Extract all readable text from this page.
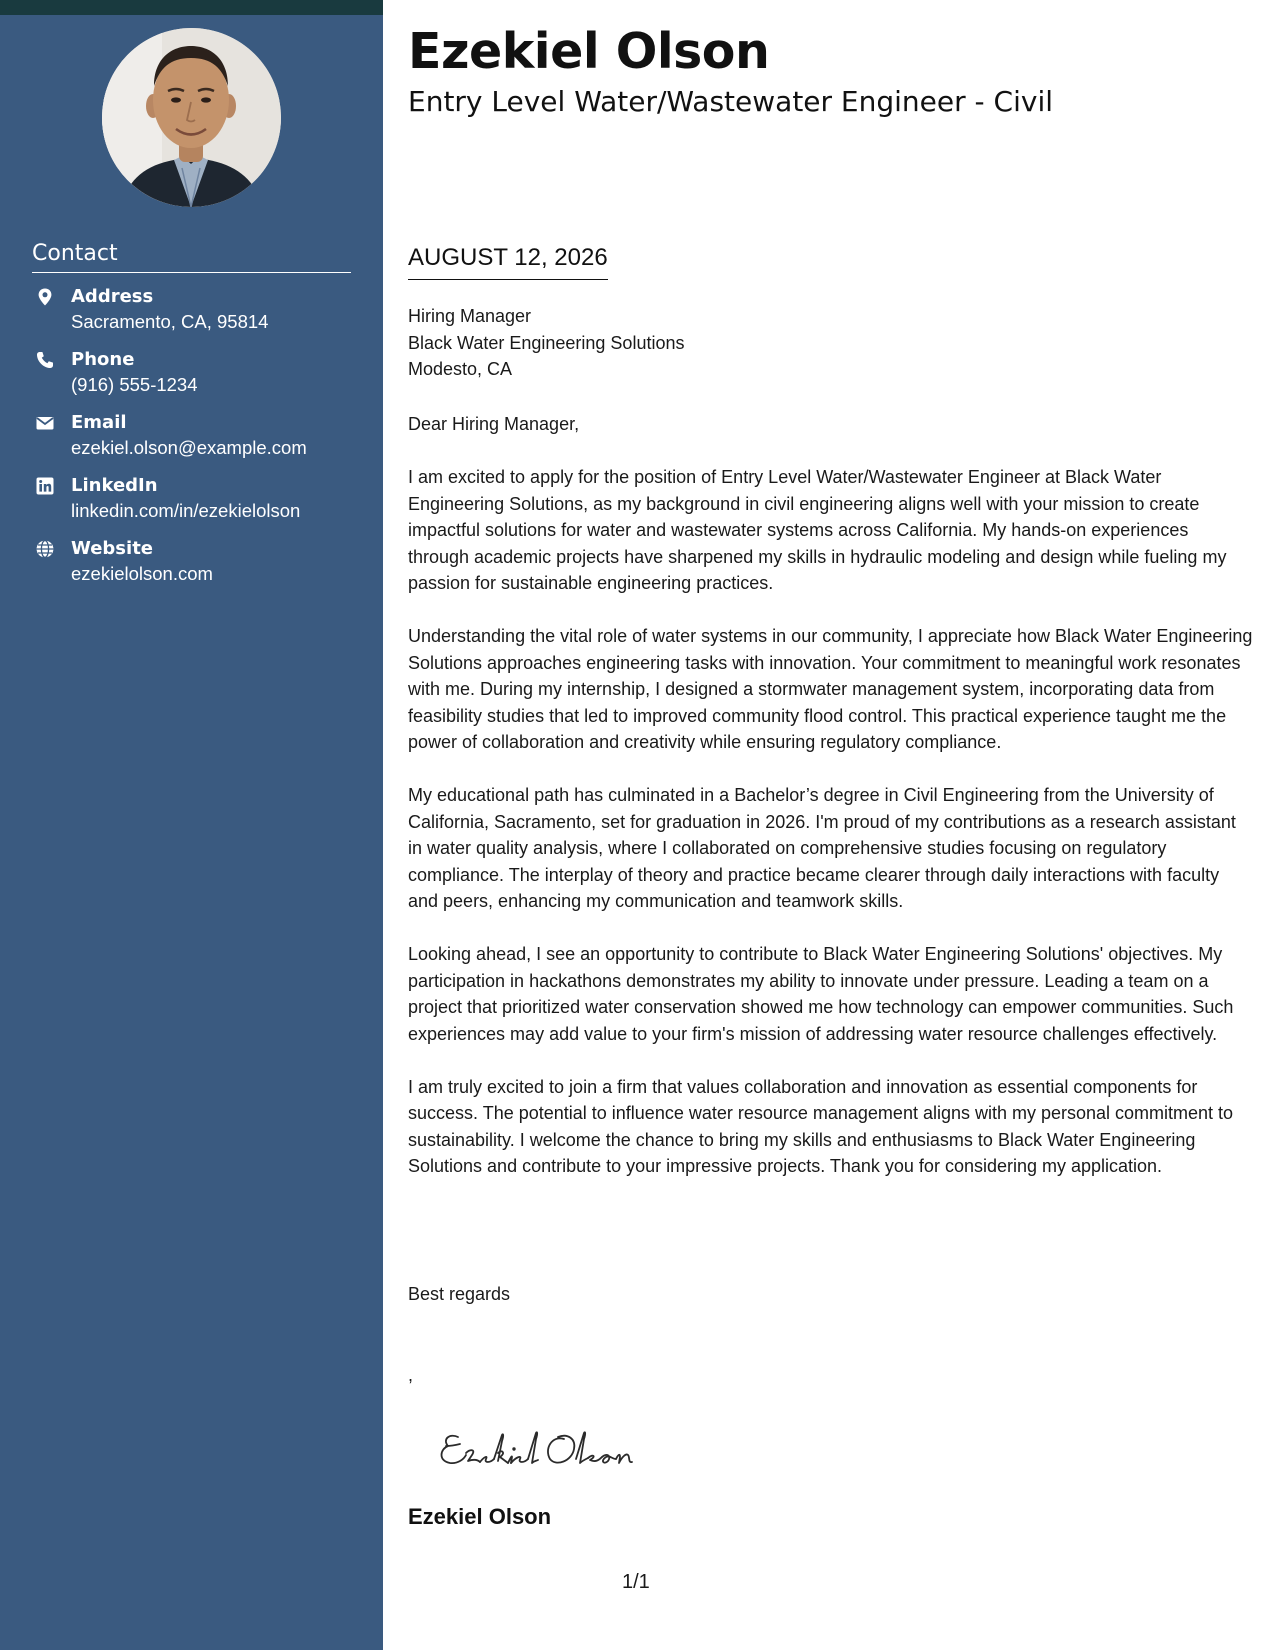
Contact
Address
Sacramento, CA, 95814
Phone
(916) 555-1234
Email
ezekiel.olson@example.com
LinkedIn
linkedin.com/in/ezekielolson
Website
ezekielolson.com
Ezekiel Olson
Entry Level Water/Wastewater Engineer - Civil
AUGUST 12, 2026
Hiring Manager
Black Water Engineering Solutions
Modesto, CA
Dear Hiring Manager,

I am excited to apply for the position of Entry Level Water/Wastewater Engineer at Black Water Engineering Solutions, as my background in civil engineering aligns well with your mission to create impactful solutions for water and wastewater systems across California. My hands-on experiences through academic projects have sharpened my skills in hydraulic modeling and design while fueling my passion for sustainable engineering practices.

Understanding the vital role of water systems in our community, I appreciate how Black Water Engineering Solutions approaches engineering tasks with innovation. Your commitment to meaningful work resonates with me. During my internship, I designed a stormwater management system, incorporating data from feasibility studies that led to improved community flood control. This practical experience taught me the power of collaboration and creativity while ensuring regulatory compliance.

My educational path has culminated in a Bachelor’s degree in Civil Engineering from the University of California, Sacramento, set for graduation in 2026. I'm proud of my contributions as a research assistant in water quality analysis, where I collaborated on comprehensive studies focusing on regulatory compliance. The interplay of theory and practice became clearer through daily interactions with faculty and peers, enhancing my communication and teamwork skills.

Looking ahead, I see an opportunity to contribute to Black Water Engineering Solutions' objectives. My participation in hackathons demonstrates my ability to innovate under pressure. Leading a team on a project that prioritized water conservation showed me how technology can empower communities. Such experiences may add value to your firm's mission of addressing water resource challenges effectively.

I am truly excited to join a firm that values collaboration and innovation as essential components for success. The potential to influence water resource management aligns with my personal commitment to sustainability. I welcome the chance to bring my skills and enthusiasms to Black Water Engineering Solutions and contribute to your impressive projects. Thank you for considering my application.

Best regards
,
Ezekiel Olson
1/1
